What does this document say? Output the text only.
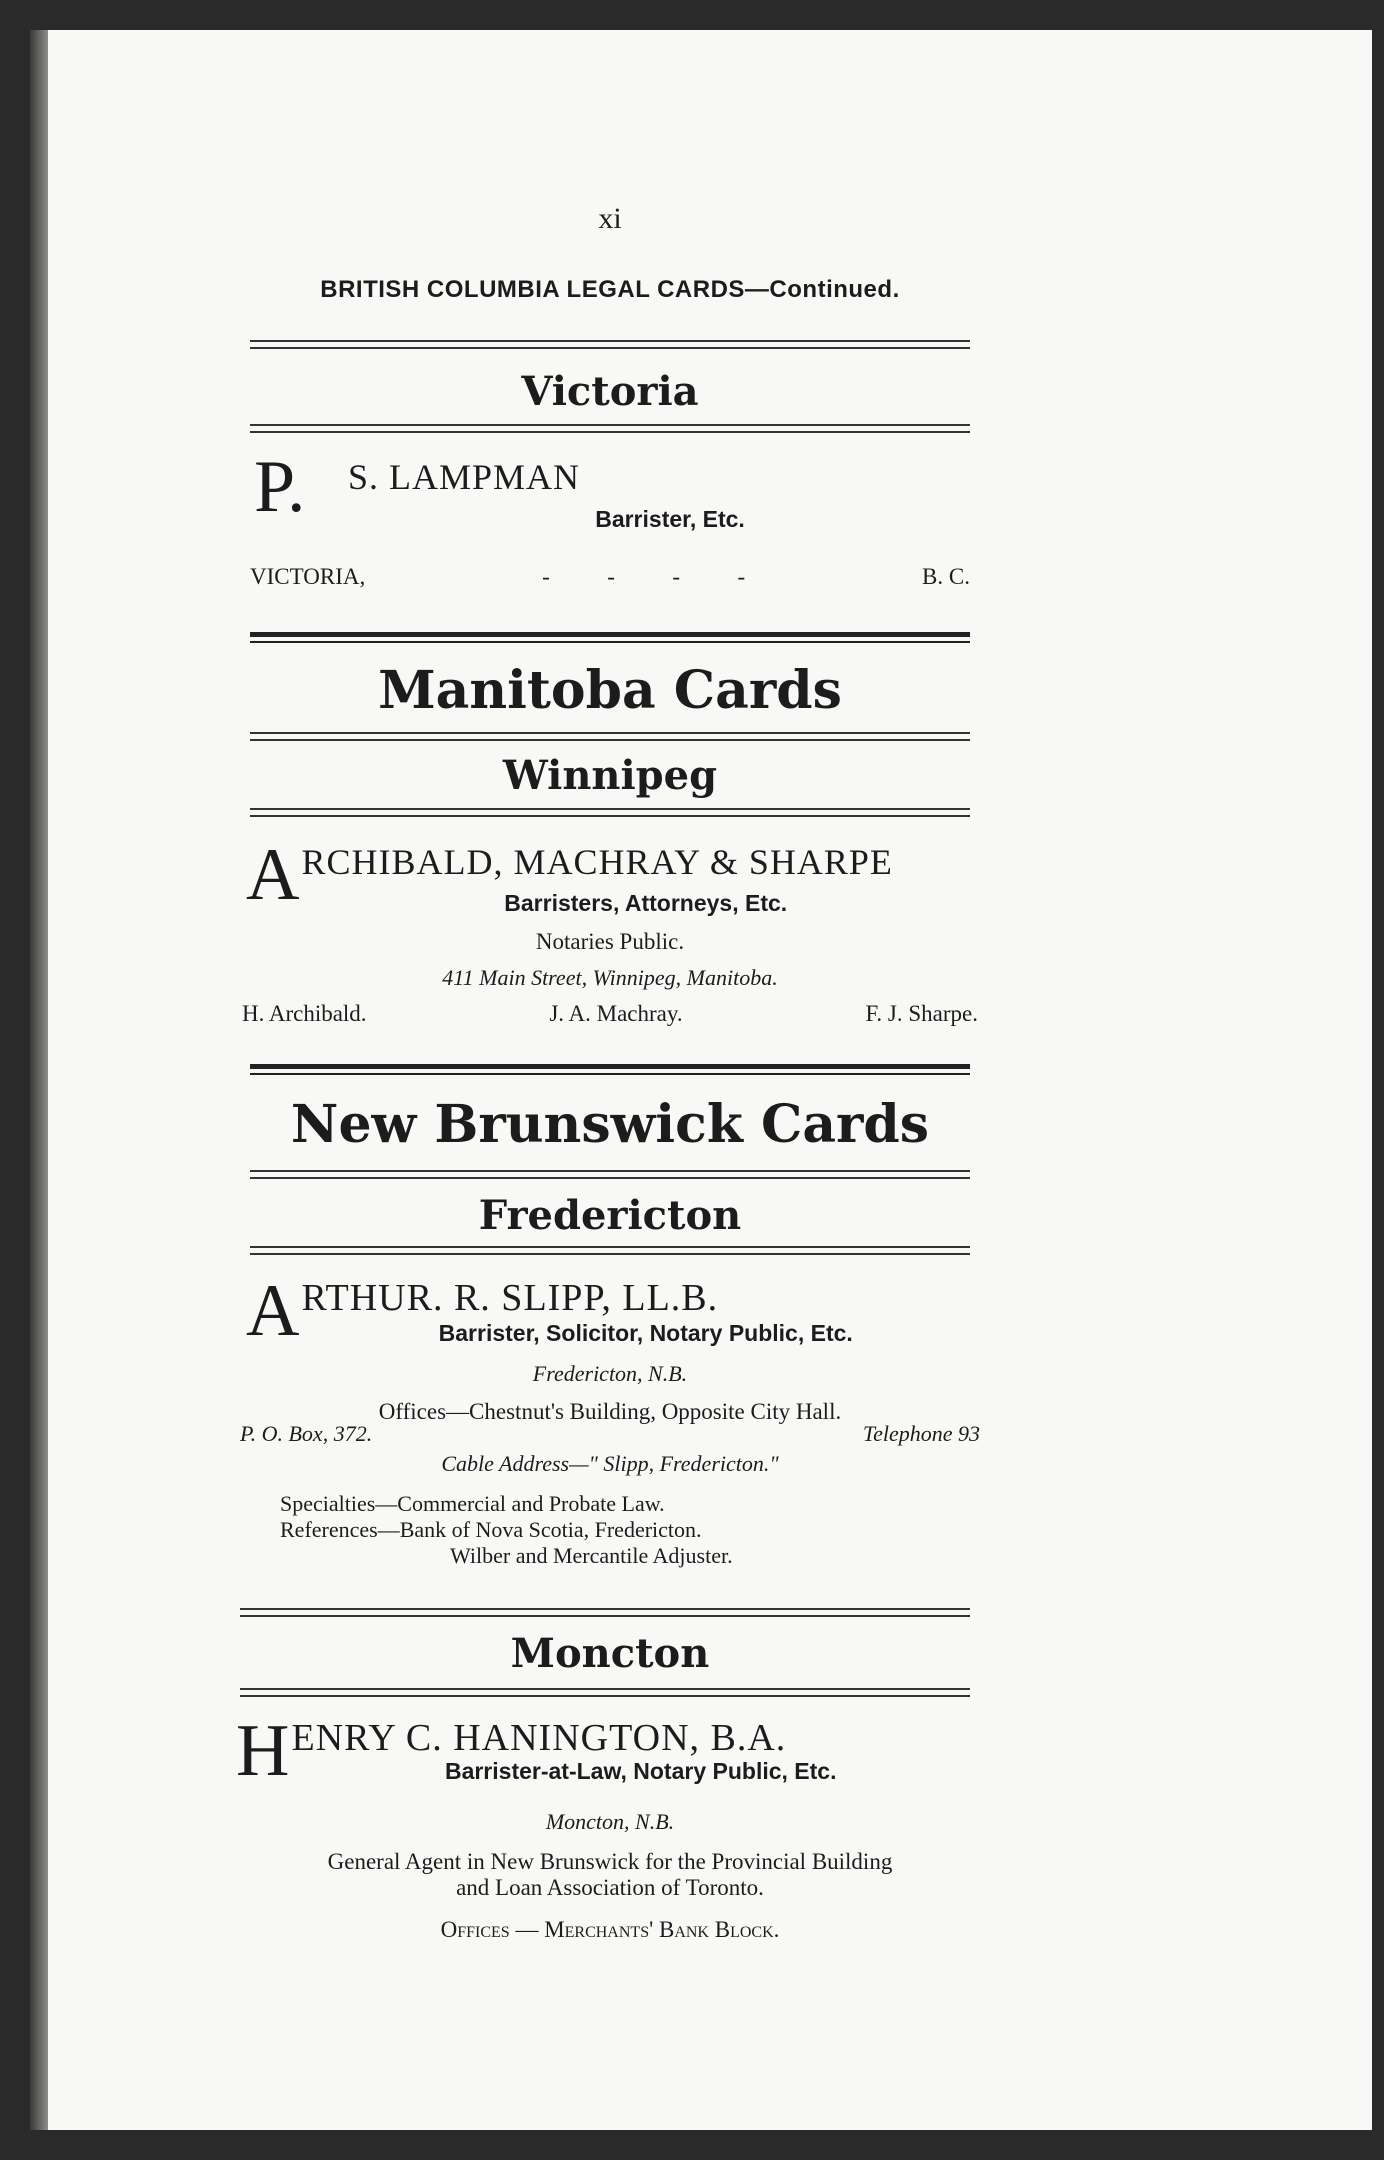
xi
BRITISH COLUMBIA LEGAL CARDS—Continued.
Victoria
P.	S. LAMPMAN
Barrister, Etc.
VICTORIA,	-          -          -          -	B. C.
Manitoba Cards
Winnipeg
A RCHIBALD, MACHRAY & SHARPE
Barristers, Attorneys, Etc.
Notaries Public.
411 Main Street, Winnipeg, Manitoba.
H. Archibald.	J. A. Machray.	F. J. Sharpe.
New Brunswick Cards
Fredericton
A RTHUR. R. SLIPP, LL.B.
Barrister, Solicitor, Notary Public, Etc.
Fredericton, N.B.
Offices—Chestnut's Building, Opposite City Hall.
P. O. Box, 372.	Telephone 93
Cable Address—" Slipp, Fredericton."
Specialties—Commercial and Probate Law.
References—Bank of Nova Scotia, Fredericton.
Wilber and Mercantile Adjuster.
Moncton
H ENRY C. HANINGTON, B.A.
Barrister-at-Law, Notary Public, Etc.
Moncton, N.B.
General Agent in New Brunswick for the Provincial Building
and Loan Association of Toronto.
Offices — Merchants' Bank Block.
